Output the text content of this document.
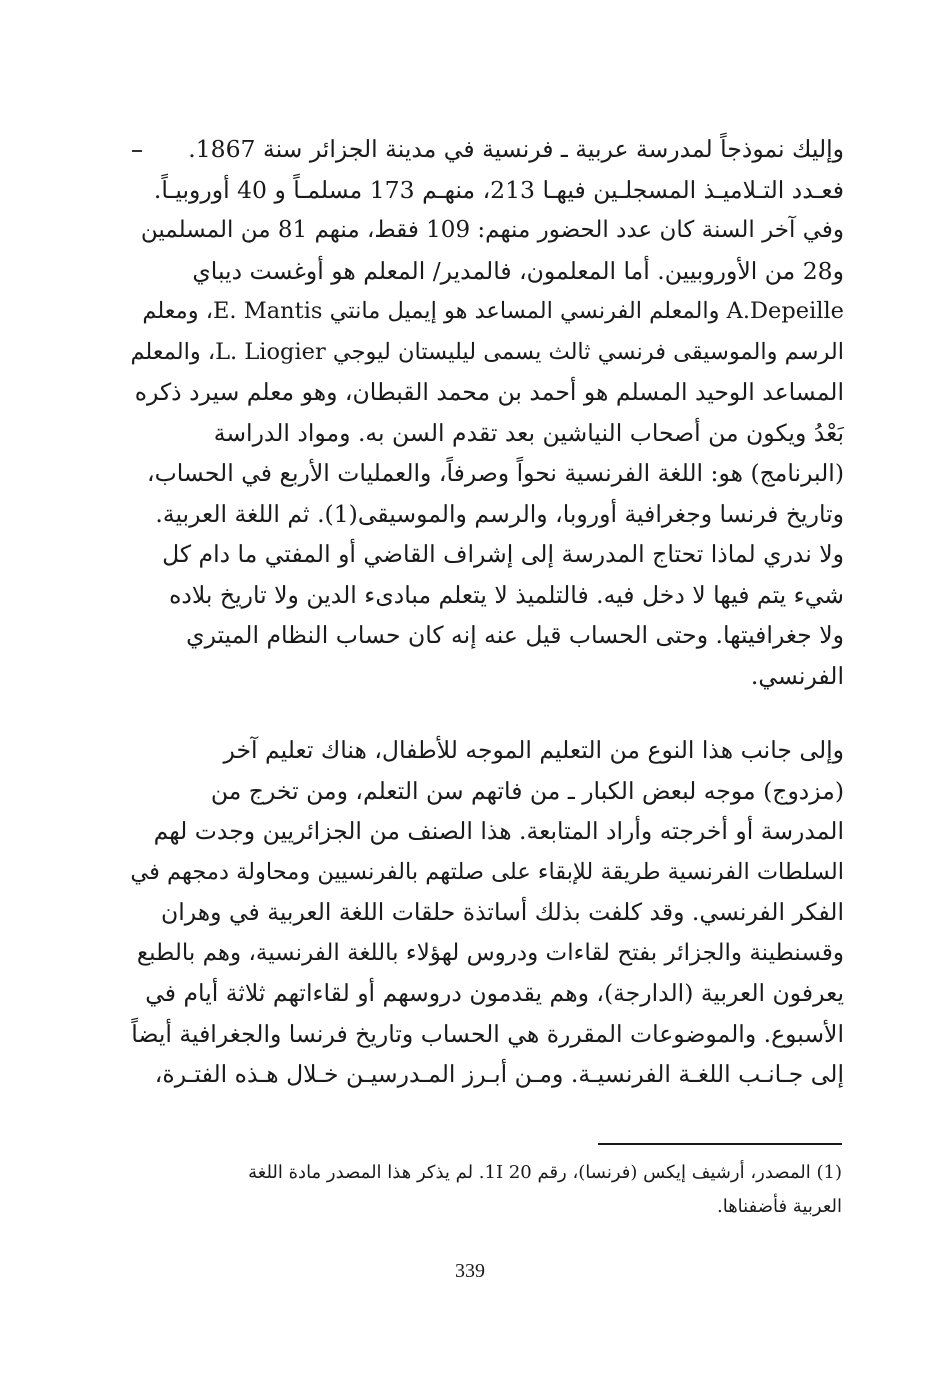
وإليك نموذجاً لمدرسة عربية ـ فرنسية في مدينة الجزائر سنة 1867.
فعـدد التـلاميـذ المسجلـين فيهـا 213، منهـم 173 مسلمـاً و 40 أوروبيـاً.
وفي آخر السنة كان عدد الحضور منهم: 109 فقط، منهم 81 من المسلمين
و28 من الأوروبيين. أما المعلمون، فالمدير/ المعلم هو أوغست ديباي
A.Depeille والمعلم الفرنسي المساعد هو إيميل مانتي E. Mantis، ومعلم
الرسم والموسيقى فرنسي ثالث يسمى ليليستان ليوجي L. Liogier، والمعلم
المساعد الوحيد المسلم هو أحمد بن محمد القبطان، وهو معلم سيرد ذكره
بَعْدُ ويكون من أصحاب النياشين بعد تقدم السن به. ومواد الدراسة
(البرنامج) هو: اللغة الفرنسية نحواً وصرفاً، والعمليات الأربع في الحساب،
وتاريخ فرنسا وجغرافية أوروبا، والرسم والموسيقى(1). ثم اللغة العربية.
ولا ندري لماذا تحتاج المدرسة إلى إشراف القاضي أو المفتي ما دام كل
شيء يتم فيها لا دخل فيه. فالتلميذ لا يتعلم مبادىء الدين ولا تاريخ بلاده
ولا جغرافيتها. وحتى الحساب قيل عنه إنه كان حساب النظام الميتري
الفرنسي.
وإلى جانب هذا النوع من التعليم الموجه للأطفال، هناك تعليم آخر
(مزدوج) موجه لبعض الكبار ـ من فاتهم سن التعلم، ومن تخرج من
المدرسة أو أخرجته وأراد المتابعة. هذا الصنف من الجزائريين وجدت لهم
السلطات الفرنسية طريقة للإبقاء على صلتهم بالفرنسيين ومحاولة دمجهم في
الفكر الفرنسي. وقد كلفت بذلك أساتذة حلقات اللغة العربية في وهران
وقسنطينة والجزائر بفتح لقاءات ودروس لهؤلاء باللغة الفرنسية، وهم بالطبع
يعرفون العربية (الدارجة)، وهم يقدمون دروسهم أو لقاءاتهم ثلاثة أيام في
الأسبوع. والموضوعات المقررة هي الحساب وتاريخ فرنسا والجغرافية أيضاً
إلى جـانـب اللغـة الفرنسيـة. ومـن أبـرز المـدرسيـن خـلال هـذه الفتـرة،
(1) المصدر، أرشيف إيكس (فرنسا)، رقم 1I 20. لم يذكر هذا المصدر مادة اللغة
العربية فأضفناها.
339
